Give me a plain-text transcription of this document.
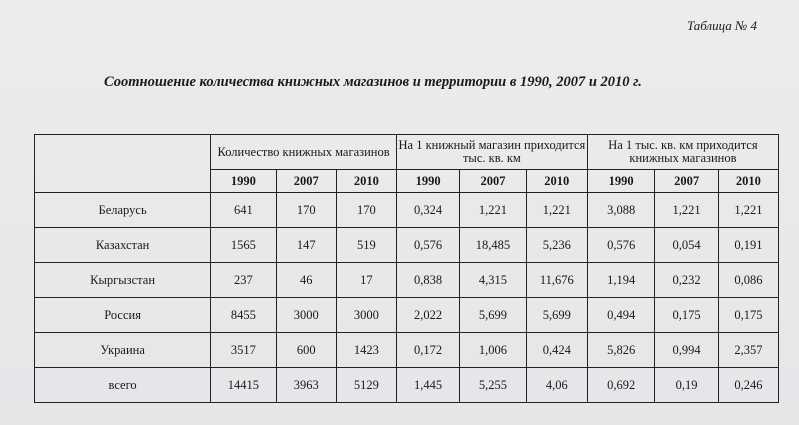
Таблица № 4
Соотношение количества книжных магазинов и территории в 1990, 2007 и 2010 г.
	Количество книжных магазинов			На 1 книжный магазин приходится тыс. кв. км			На 1 тыс. кв. км приходится книжных магазинов		
	1990	2007	2010	1990	2007	2010	1990	2007	2010
Беларусь	641	170	170	0,324	1,221	1,221	3,088	1,221	1,221
Казахстан	1565	147	519	0,576	18,485	5,236	0,576	0,054	0,191
Кыргызстан	237	46	17	0,838	4,315	11,676	1,194	0,232	0,086
Россия	8455	3000	3000	2,022	5,699	5,699	0,494	0,175	0,175
Украина	3517	600	1423	0,172	1,006	0,424	5,826	0,994	2,357
всего	14415	3963	5129	1,445	5,255	4,06	0,692	0,19	0,246
